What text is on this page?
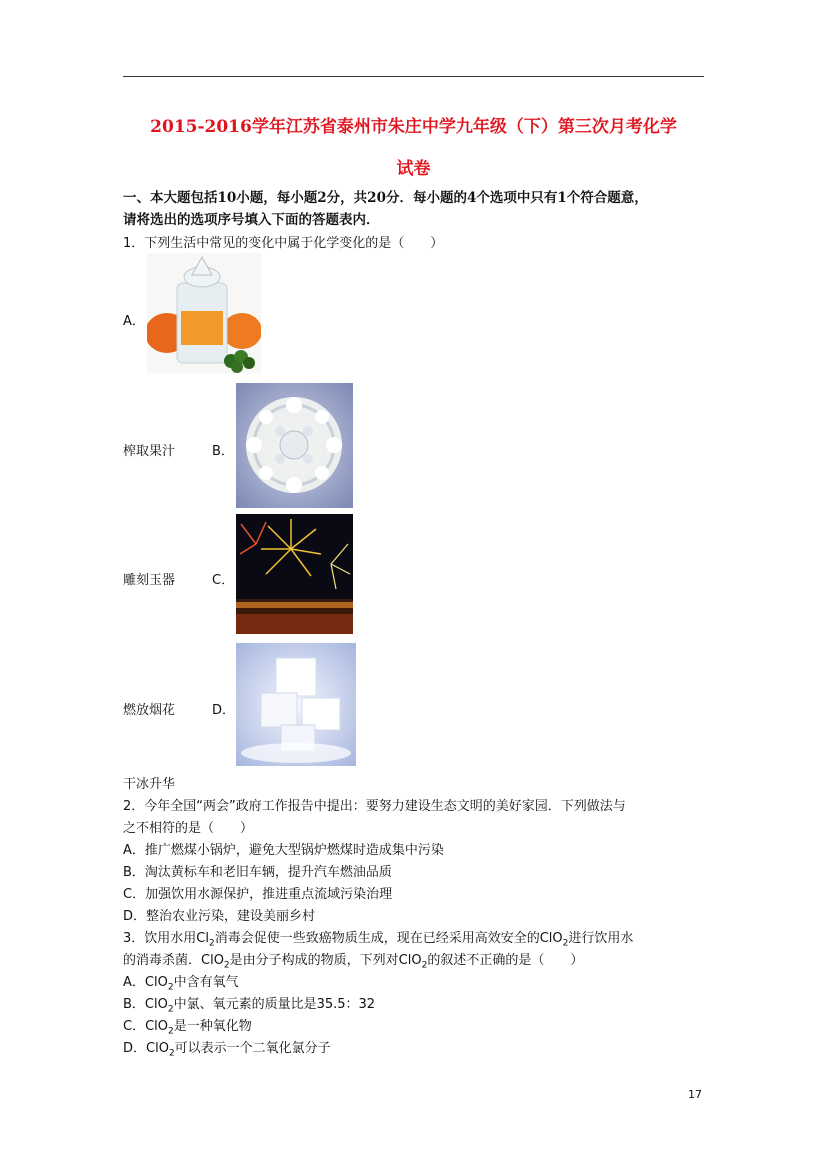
2015-2016学年江苏省泰州市朱庄中学九年级（下）第三次月考化学
试卷
一、本大题包括10小题，每小题2分，共20分．每小题的4个选项中只有1个符合题意，
请将选出的选项序号填入下面的答题表内．
1．下列生活中常见的变化中属于化学变化的是（　　）
A．
榨取果汁	B．
雕刻玉器	C．
燃放烟花	D．
干冰升华
2．今年全国“两会”政府工作报告中提出：要努力建设生态文明的美好家园．下列做法与
之不相符的是（　　）
A．推广燃煤小锅炉，避免大型锅炉燃煤时造成集中污染
B．淘汰黄标车和老旧车辆，提升汽车燃油品质
C．加强饮用水源保护，推进重点流域污染治理
D．整治农业污染，建设美丽乡村
3．饮用水用$Cl_2$消毒会促使一些致癌物质生成，现在已经采用高效安全的ClO$_2$进行饮用水
的消毒杀菌．ClO$_2$是由分子构成的物质，下列对ClO$_2$的叙述不正确的是（　　）
A．ClO$_2$中含有氧气
B．ClO$_2$中氯、氧元素的质量比是35.5：32
C．ClO$_2$是一种氧化物
D．ClO$_2$可以表示一个二氧化氯分子
17
